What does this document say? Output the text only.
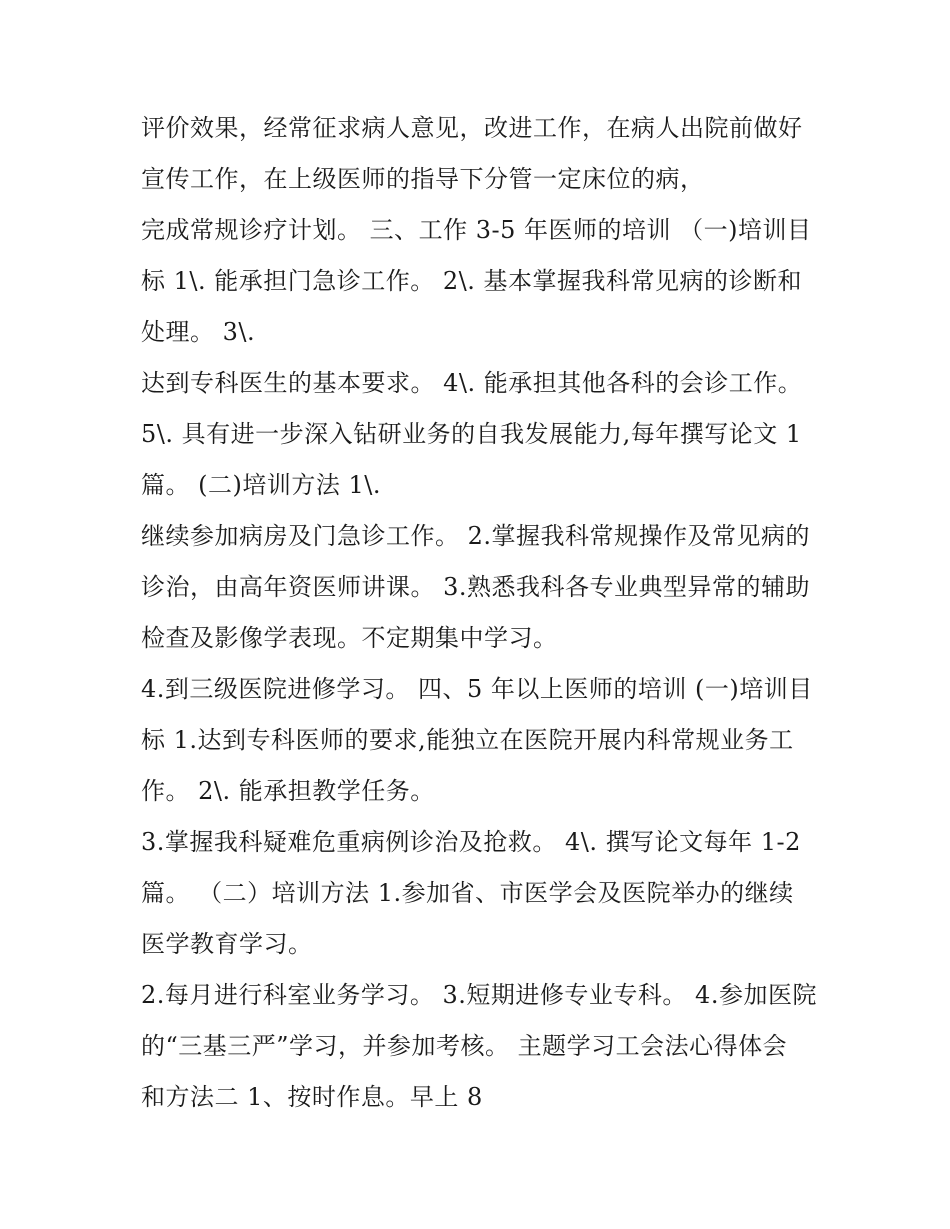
评价效果，经常征求病人意见，改进工作，在病人出院前做好
宣传工作，在上级医师的指导下分管一定床位的病，
完成常规诊疗计划。 三、工作 3-5 年医师的培训 （一)培训目
标 1\. 能承担门急诊工作。 2\. 基本掌握我科常见病的诊断和
处理。 3\.
达到专科医生的基本要求。 4\. 能承担其他各科的会诊工作。
5\. 具有进一步深入钻研业务的自我发展能力,每年撰写论文 1
篇。 (二)培训方法 1\.
继续参加病房及门急诊工作。 2.掌握我科常规操作及常见病的
诊治，由高年资医师讲课。 3.熟悉我科各专业典型异常的辅助
检查及影像学表现。不定期集中学习。
4.到三级医院进修学习。 四、5 年以上医师的培训 (一)培训目
标 1.达到专科医师的要求,能独立在医院开展内科常规业务工
作。 2\. 能承担教学任务。
3.掌握我科疑难危重病例诊治及抢救。 4\. 撰写论文每年 1-2
篇。 （二）培训方法 1.参加省、市医学会及医院举办的继续
医学教育学习。
2.每月进行科室业务学习。 3.短期进修专业专科。 4.参加医院
的“三基三严”学习，并参加考核。 主题学习工会法心得体会
和方法二 1、按时作息。早上 8
